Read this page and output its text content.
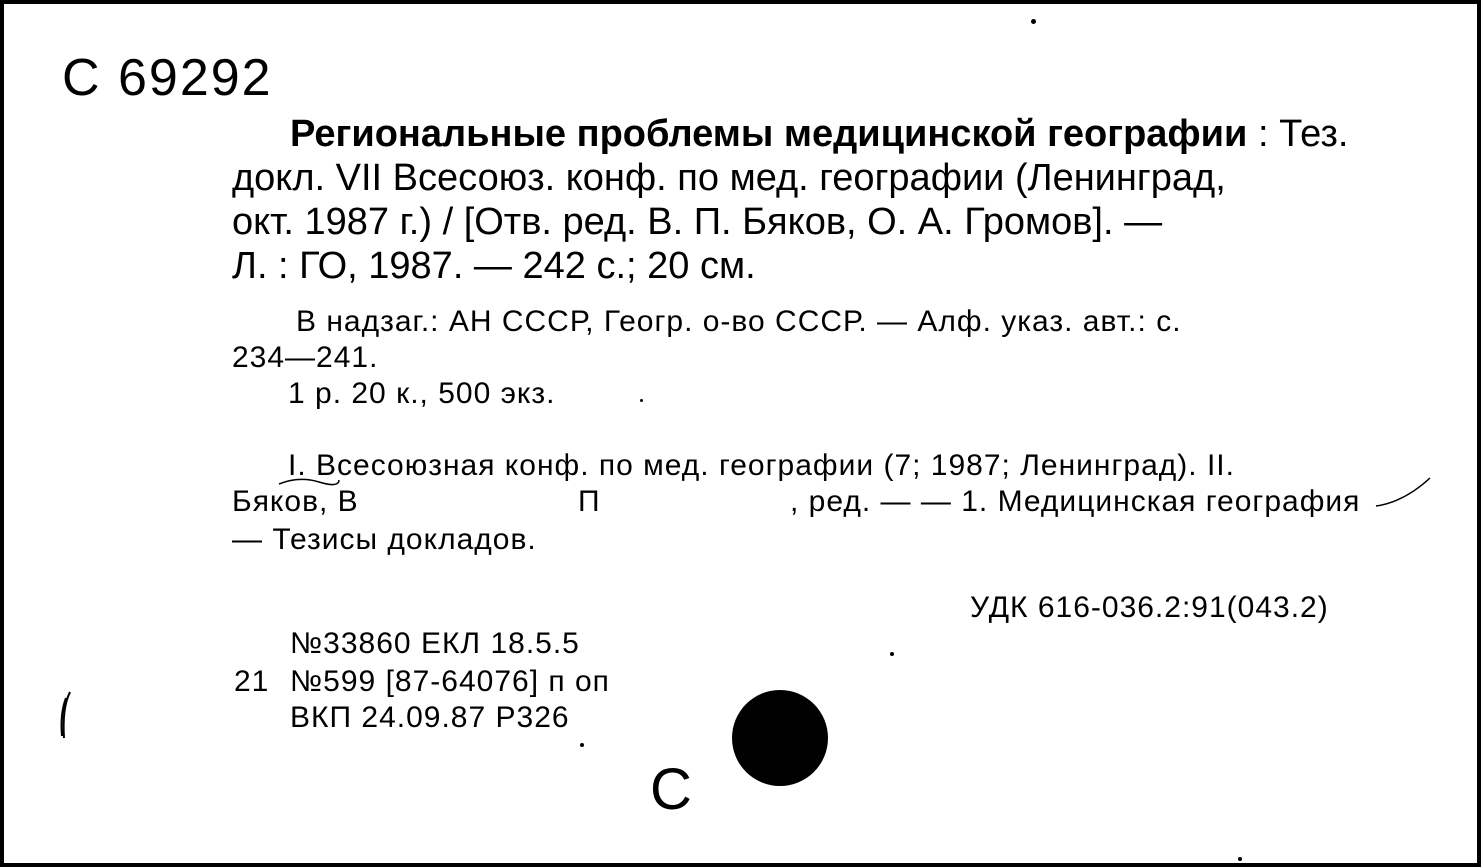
С 69292
Региональные проблемы медицинской географии : Тез.
докл. VII Всесоюз. конф. по мед. географии (Ленинград,
окт. 1987 г.) / [Отв. ред. В. П. Бяков, О. А. Громов]. —
Л. : ГО, 1987. — 242 с.; 20 см.
В надзаг.: АН СССР, Геогр. о-во СССР. — Алф. указ. авт.: с.
234—241.
1 р. 20 к., 500 экз.
I. Всесоюзная конф. по мед. географии (7; 1987; Ленинград). II.
Бяков, В	П	, ред. — — 1. Медицинская география
— Тезисы докладов.
УДК 616-036.2:91(043.2)
№33860 ЕКЛ 18.5.5
21 №599 [87-64076] п оп
ВКП 24.09.87 Р326
С
